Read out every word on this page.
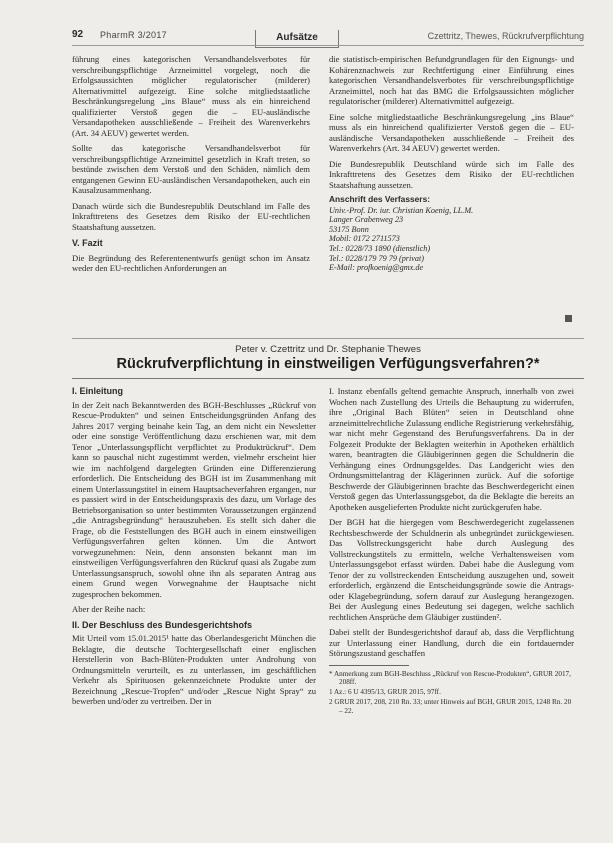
92 PharmR 3/2017	Aufsätze	Czettritz, Thewes, Rückrufverpflichtung

führung eines kategorischen Versandhandelsverbotes für verschreibungspflichtige Arzneimittel vorgelegt, noch die Erfolgsaussichten möglicher regulatorischer (milderer) Alternativmittel aufgezeigt. Eine solche mitgliedstaatliche Beschränkungsregelung „ins Blaue“ muss als ein hinreichend qualifizierter Verstoß gegen die – EU-ausländische Versandapotheken ausschließende – Freiheit des Warenverkehrs (Art. 34 AEUV) gewertet werden.

Sollte das kategorische Versandhandelsverbot für verschreibungspflichtige Arzneimittel gesetzlich in Kraft treten, so bestünde zwischen dem Verstoß und den Schäden, nämlich dem entgangenen Gewinn EU-ausländischen Versandapotheken, auch ein Kausalzusammenhang.

Danach würde sich die Bundesrepublik Deutschland im Falle des Inkrafttretens des Gesetzes dem Risiko der EU-rechtlichen Staatshaftung aussetzen.

V. Fazit

Die Begründung des Referentenentwurfs genügt schon im Ansatz weder den EU-rechtlichen Anforderungen an

die statistisch-empirischen Befundgrundlagen für den Eignungs- und Kohärenznachweis zur Rechtfertigung einer Einführung eines kategorischen Versandhandelsverbotes für verschreibungspflichtige Arzneimittel, noch hat das BMG die Erfolgsaussichten möglicher regulatorischer (milderer) Alternativmittel aufgezeigt.

Eine solche mitgliedstaatliche Beschränkungsregelung „ins Blaue“ muss als ein hinreichend qualifizierter Verstoß gegen die – EU-ausländische Versandapotheken ausschließende – Freiheit des Warenverkehrs (Art. 34 AEUV) gewertet werden.

Die Bundesrepublik Deutschland würde sich im Falle des Inkrafttretens des Gesetzes dem Risiko der EU-rechtlichen Staatshaftung aussetzen.

Anschrift des Verfassers:
Univ.-Prof. Dr. iur. Christian Koenig, LL.M.
Langer Grabenweg 23
53175 Bonn
Mobil: 0172 2711573
Tel.: 0228/73 1890 (dienstlich)
Tel.: 0228/179 79 79 (privat)
E-Mail: profkoenig@gmx.de
Peter v. Czettritz und Dr. Stephanie Thewes
Rückrufverpflichtung in einstweiligen Verfügungsverfahren?*
I. Einleitung

In der Zeit nach Bekanntwerden des BGH-Beschlusses „Rückruf von Rescue-Produkten“ und seinen Entscheidungsgründen Anfang des Jahres 2017 verging beinahe kein Tag, an dem nicht ein Newsletter oder eine sonstige Veröffentlichung dazu erschienen war, mit dem Tenor „Unterlassungspflicht verpflichtet zu Produktrückruf“. Dem kann so pauschal nicht zugestimmt werden, vielmehr erscheint hier wie im nachfolgend dargelegten Gründen eine Differenzierung erforderlich. Die Entscheidung des BGH ist im Zusammenhang mit einem Unterlassungstitel in einem Hauptsacheverfahren ergangen, nur es passiert wird in der Entscheidungspraxis des dazu, um Vorlage des Betriebsorganisation so unter bestimmten Voraussetzungen ergänzend „die Antragsbegründung“ herauszuheben. Es stellt sich daher die Frage, ob die Feststellungen des BGH auch in einem einstweiligen Verfügungsverfahren gelten können. Um die Antwort vorwegzunehmen: Nein, denn ansonsten bekannt man im einstweiligen Verfügungsverfahren den Rückruf quasi als Zugabe zum Unterlassungsanspruch, sowohl ohne ihn als separaten Antrag aus einem Grund wegen Vorwegnahme der Hauptsache nicht zugesprochen bekommen.

Aber der Reihe nach:

II. Der Beschluss des Bundesgerichtshofs

Mit Urteil vom 15.01.2015¹ hatte das Oberlandesgericht München die Beklagte, die deutsche Tochtergesellschaft einer englischen Herstellerin von Bach-Blüten-Produkten unter Androhung von Ordnungsmitteln verurteilt, es zu unterlassen, im geschäftlichen Verkehr als Spirituosen gekennzeichnete Produkte unter der Bezeichnung „Rescue-Tropfen“ und/oder „Rescue Night Spray“ zu bewerben und/oder zu vertreiben. Der in

I. Instanz ebenfalls geltend gemachte Anspruch, innerhalb von zwei Wochen nach Zustellung des Urteils die Behauptung zu widerrufen, ihre „Original Bach Blüten“ seien in Deutschland ohne arzneimittelrechtliche Zulassung endliche Registrierung verkehrsfähig, war nicht mehr Gegenstand des Berufungsverfahrens. Da in der Folgezeit Produkte der Beklagten weiterhin in Apotheken erhältlich waren, beantragten die Gläubigerinnen gegen die Schuldnerin die Verhängung eines Ordnungsgeldes. Das Landgericht wies den Ordnungsmittelantrag der Klägerinnen zurück. Auf die sofortige Beschwerde der Gläubigerinnen brachte das Beschwerdegericht einen Verstoß gegen das Unterlassungsgebot, da die Beklagte die bereits an Apotheken ausgelieferten Produkte nicht zurückgerufen habe.

Der BGH hat die hiergegen vom Beschwerdegericht zugelassenen Rechtsbeschwerde der Schuldnerin als unbegründet zurückgewiesen. Das Vollstreckungsgericht habe durch Auslegung des Vollstreckungstitels zu ermitteln, welche Verhaltensweisen vom Unterlassungsgebot erfasst würden. Dabei habe die Auslegung vom Tenor der zu vollstreckenden Entscheidung auszugehen und, soweit erforderlich, ergänzend die Entscheidungsgründe sowie die Antrags- oder Klagebegründung, sofern darauf zur Auslegung herangezogen. Bei der Auslegung eines Bedeutung sei dagegen, welche sachlich rechtlichen Ansprüche dem Gläubiger zustünden².

Dabei stellt der Bundesgerichtshof darauf ab, dass die Verpflichtung zur Unterlassung einer Handlung, durch die ein fortdauernder Störungszustand geschaffen

* Anmerkung zum BGH-Beschluss „Rückruf von Rescue-Produkten“, GRUR 2017, 208ff.
1 Az.: 6 U 4395/13, GRUR 2015, 97ff.
2 GRUR 2017, 208, 210 Rn. 33; unter Hinweis auf BGH, GRUR 2015, 1248 Rn. 20 – 22.
